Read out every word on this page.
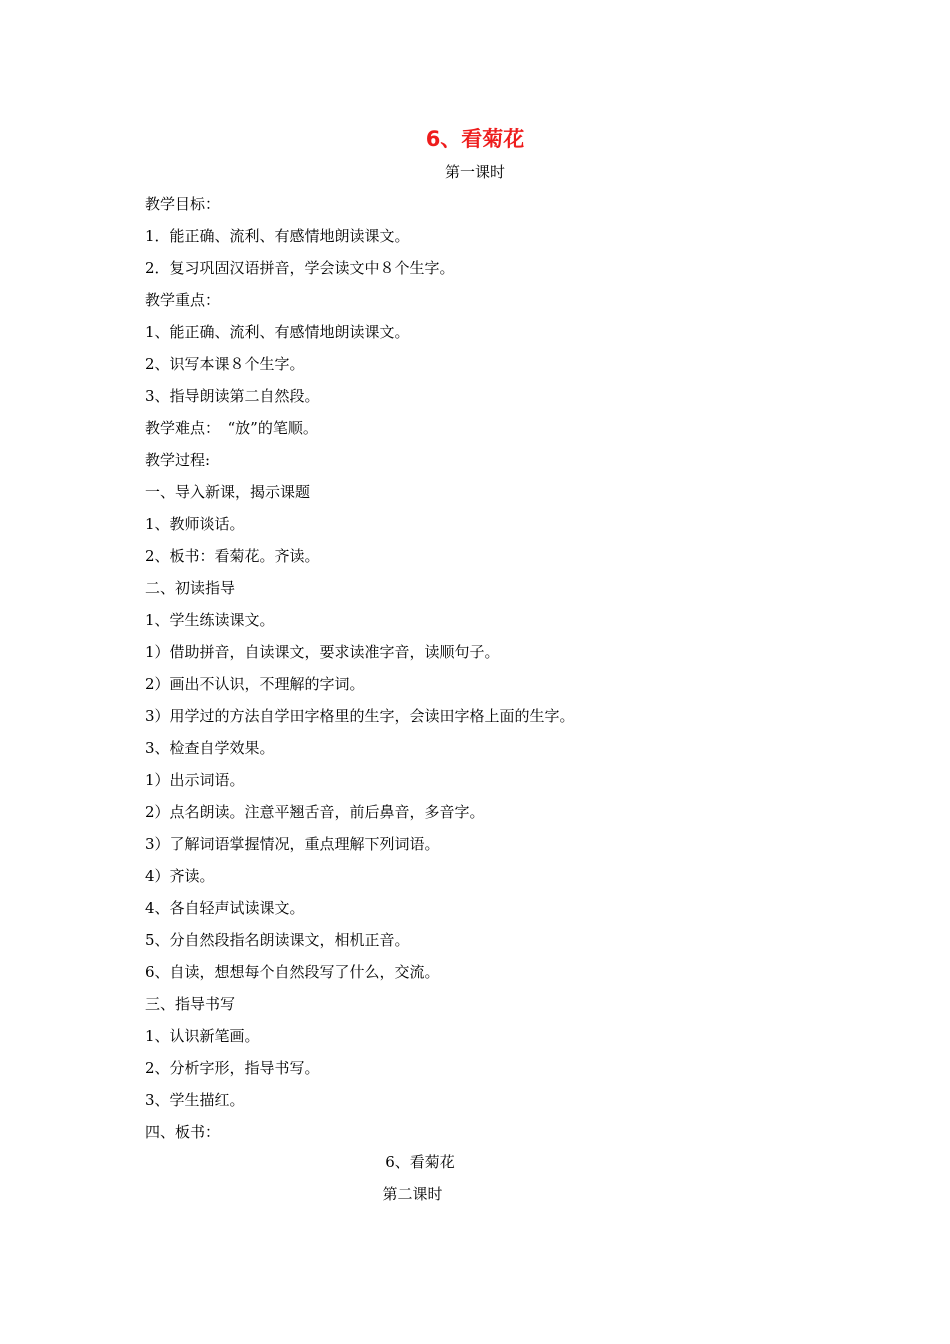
6、看菊花
第一课时
教学目标：
1．能正确、流利、有感情地朗读课文。
2．复习巩固汉语拼音，学会读文中８个生字。
教学重点：
1、能正确、流利、有感情地朗读课文。
2、识写本课８个生字。
3、指导朗读第二自然段。
教学难点：　“放”的笔顺。
教学过程:
一、导入新课，揭示课题
1、教师谈话。
2、板书：看菊花。齐读。
二、初读指导
1、学生练读课文。
1）借助拼音，自读课文，要求读准字音，读顺句子。
2）画出不认识，不理解的字词。
3）用学过的方法自学田字格里的生字，会读田字格上面的生字。
3、检查自学效果。
1）出示词语。
2）点名朗读。注意平翘舌音，前后鼻音，多音字。
3）了解词语掌握情况，重点理解下列词语。
4）齐读。
4、各自轻声试读课文。
5、分自然段指名朗读课文，相机正音。
6、自读，想想每个自然段写了什么，交流。
三、指导书写
1、认识新笔画。
2、分析字形，指导书写。
3、学生描红。
四、板书：
6、看菊花
第二课时
